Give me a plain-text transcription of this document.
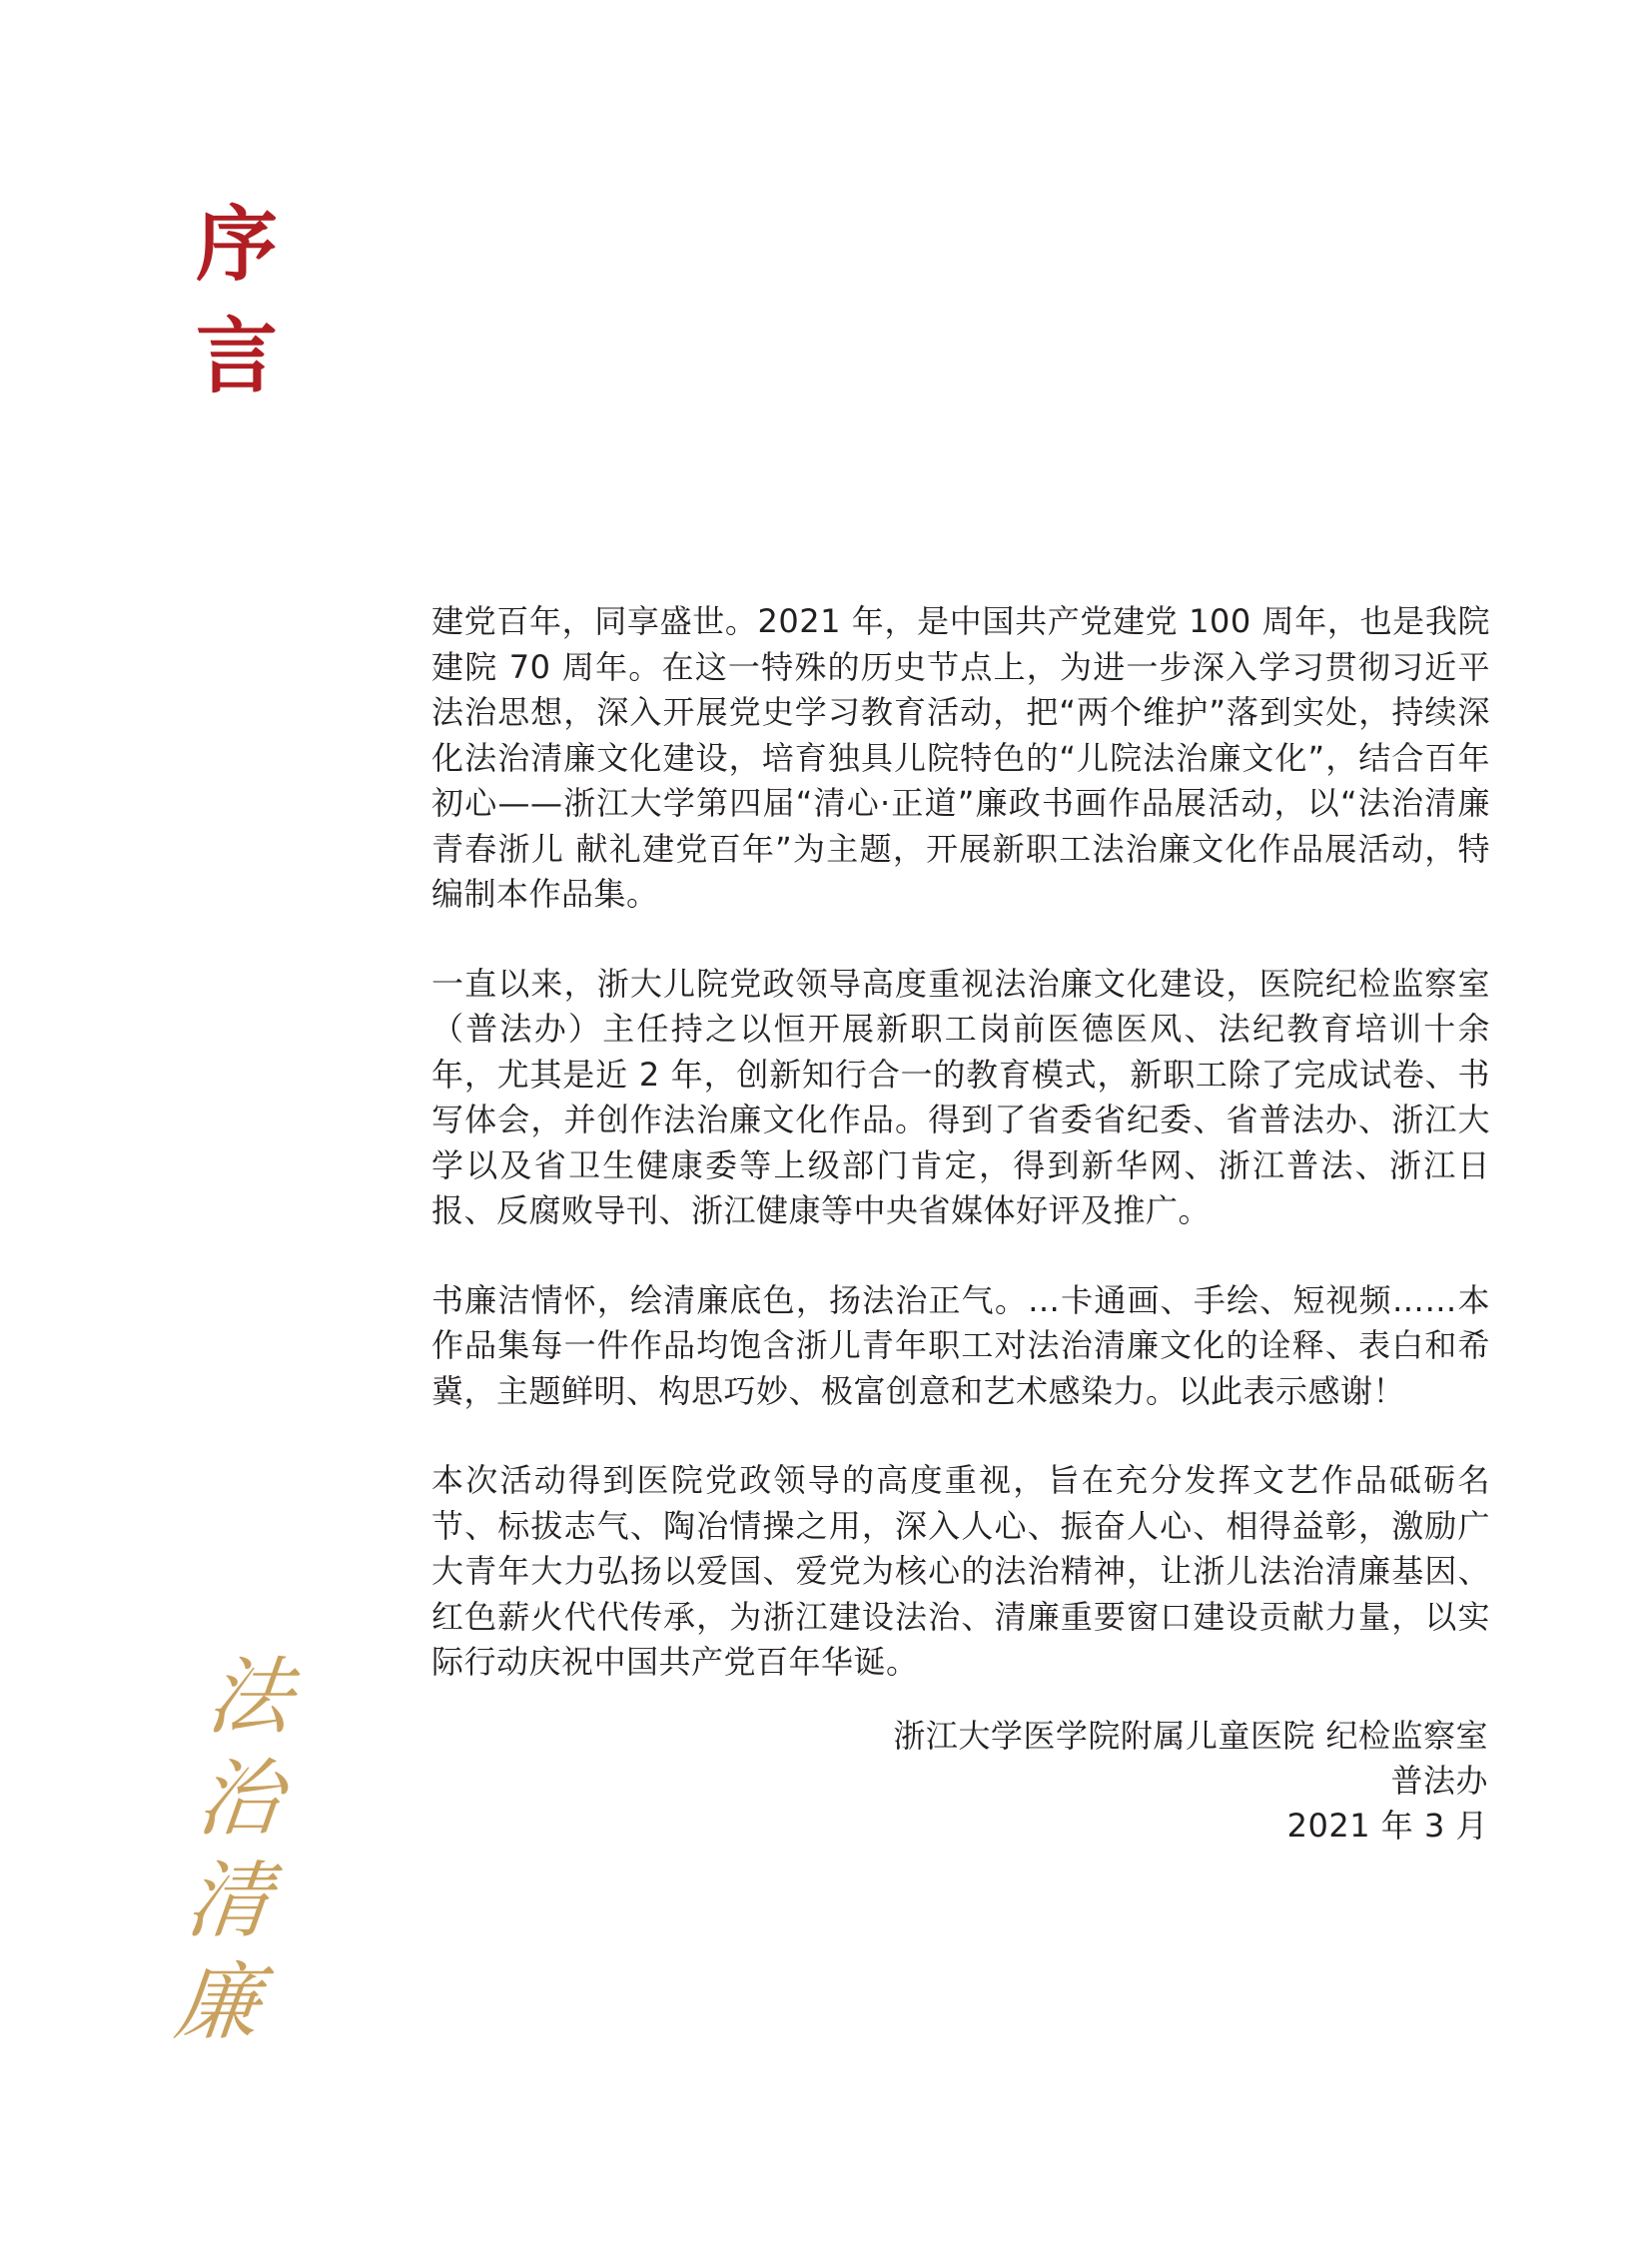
序
言

建党百年，同享盛世。2021 年，是中国共产党建党 100 周年，也是我院建院 70 周年。在这一特殊的历史节点上，为进一步深入学习贯彻习近平法治思想，深入开展党史学习教育活动，把“两个维护”落到实处，持续深化法治清廉文化建设，培育独具儿院特色的“儿院法治廉文化”，结合百年初心——浙江大学第四届“清心·正道”廉政书画作品展活动，以“法治清廉 青春浙儿 献礼建党百年”为主题，开展新职工法治廉文化作品展活动，特编制本作品集。

一直以来，浙大儿院党政领导高度重视法治廉文化建设，医院纪检监察室（普法办）主任持之以恒开展新职工岗前医德医风、法纪教育培训十余年，尤其是近 2 年，创新知行合一的教育模式，新职工除了完成试卷、书写体会，并创作法治廉文化作品。得到了省委省纪委、省普法办、浙江大学以及省卫生健康委等上级部门肯定，得到新华网、浙江普法、浙江日报、反腐败导刊、浙江健康等中央省媒体好评及推广。

书廉洁情怀，绘清廉底色，扬法治正气。…卡通画、手绘、短视频……本作品集每一件作品均饱含浙儿青年职工对法治清廉文化的诠释、表白和希冀，主题鲜明、构思巧妙、极富创意和艺术感染力。以此表示感谢！

本次活动得到医院党政领导的高度重视，旨在充分发挥文艺作品砥砺名节、标拔志气、陶冶情操之用，深入人心、振奋人心、相得益彰，激励广大青年大力弘扬以爱国、爱党为核心的法治精神，让浙儿法治清廉基因、红色薪火代代传承，为浙江建设法治、清廉重要窗口建设贡献力量，以实际行动庆祝中国共产党百年华诞。

浙江大学医学院附属儿童医院 纪检监察室
普法办
2021 年 3 月
法
治
清
廉
